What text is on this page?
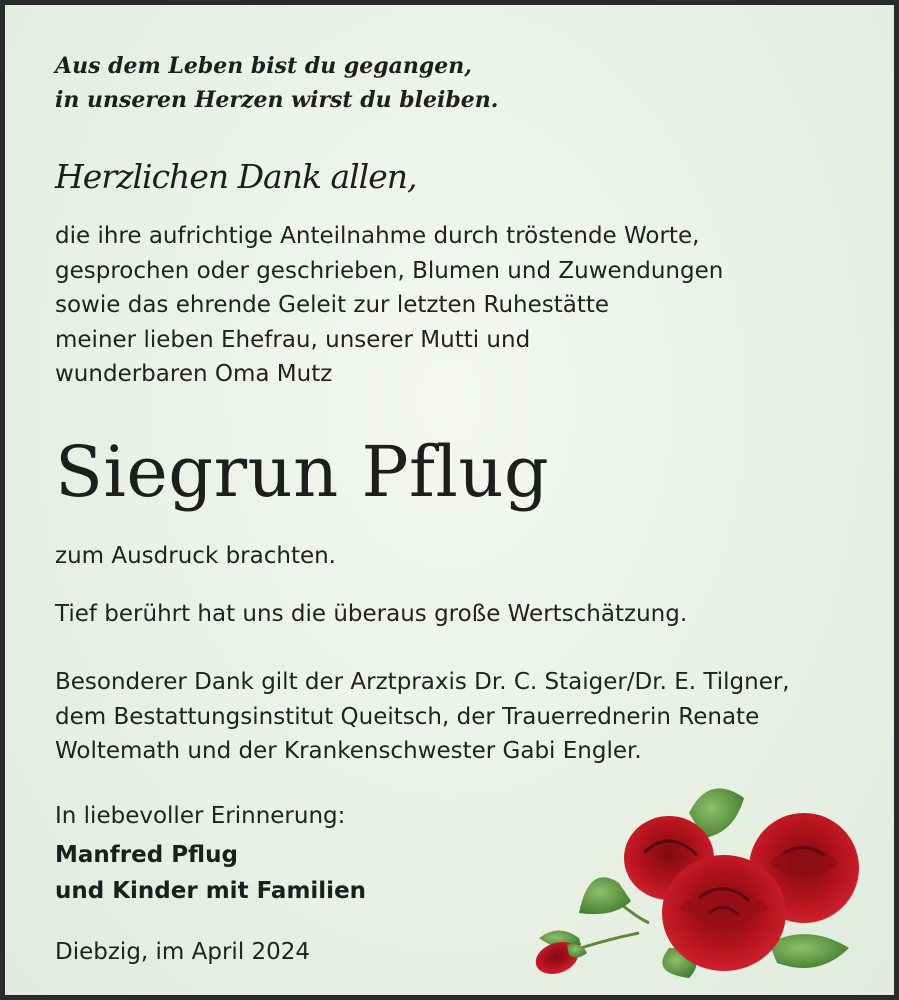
Aus dem Leben bist du gegangen,
in unseren Herzen wirst du bleiben.
Herzlichen Dank allen,
die ihre aufrichtige Anteilnahme durch tröstende Worte,
gesprochen oder geschrieben, Blumen und Zuwendungen
sowie das ehrende Geleit zur letzten Ruhestätte
meiner lieben Ehefrau, unserer Mutti und
wunderbaren Oma Mutz
Siegrun Pflug
zum Ausdruck brachten.
Tief berührt hat uns die überaus große Wertschätzung.
Besonderer Dank gilt der Arztpraxis Dr. C. Staiger/Dr. E. Tilgner,
dem Bestattungsinstitut Queitsch, der Trauerrednerin Renate
Woltemath und der Krankenschwester Gabi Engler.
In liebevoller Erinnerung:
Manfred Pflug
und Kinder mit Familien
Diebzig, im April 2024
